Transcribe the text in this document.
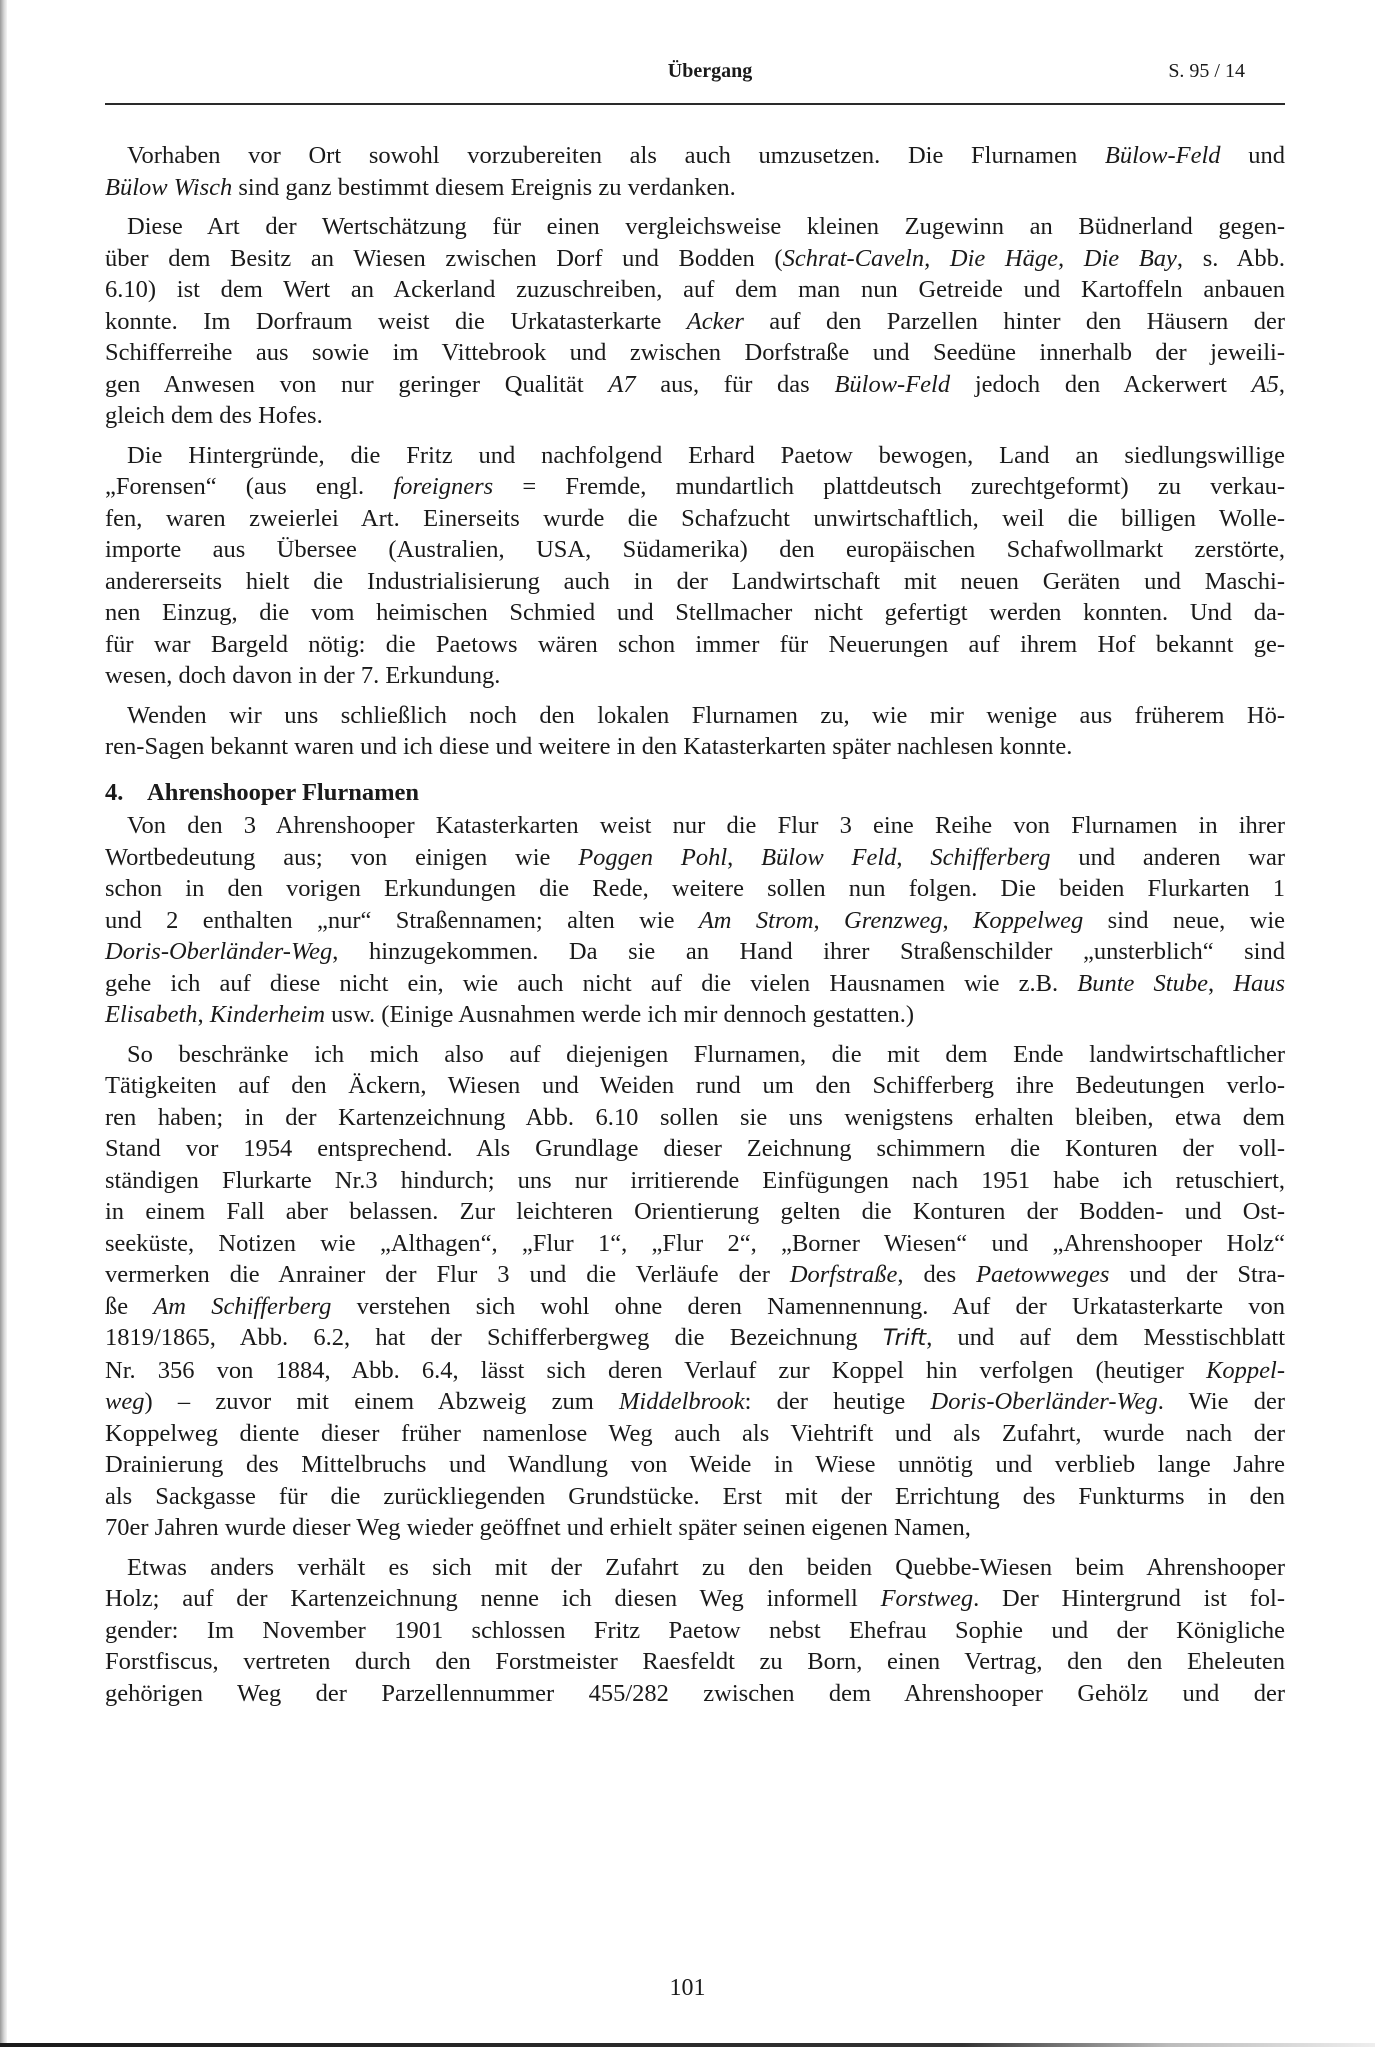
Übergang	S. 95 / 14
Vorhaben vor Ort sowohl vorzubereiten als auch umzusetzen. Die Flurnamen Bülow-Feld und
Bülow Wisch sind ganz bestimmt diesem Ereignis zu verdanken.
Diese Art der Wertschätzung für einen vergleichsweise kleinen Zugewinn an Büdnerland gegen-
über dem Besitz an Wiesen zwischen Dorf und Bodden (Schrat-Caveln, Die Häge, Die Bay, s. Abb.
6.10) ist dem Wert an Ackerland zuzuschreiben, auf dem man nun Getreide und Kartoffeln anbauen
konnte. Im Dorfraum weist die Urkatasterkarte Acker auf den Parzellen hinter den Häusern der
Schifferreihe aus sowie im Vittebrook und zwischen Dorfstraße und Seedüne innerhalb der jeweili-
gen Anwesen von nur geringer Qualität A7 aus, für das Bülow-Feld jedoch den Ackerwert A5,
gleich dem des Hofes.
Die Hintergründe, die Fritz und nachfolgend Erhard Paetow bewogen, Land an siedlungswillige
„Forensen“ (aus engl. foreigners = Fremde, mundartlich plattdeutsch zurechtgeformt) zu verkau-
fen, waren zweierlei Art. Einerseits wurde die Schafzucht unwirtschaftlich, weil die billigen Wolle-
importe aus Übersee (Australien, USA, Südamerika) den europäischen Schafwollmarkt zerstörte,
andererseits hielt die Industrialisierung auch in der Landwirtschaft mit neuen Geräten und Maschi-
nen Einzug, die vom heimischen Schmied und Stellmacher nicht gefertigt werden konnten. Und da-
für war Bargeld nötig: die Paetows wären schon immer für Neuerungen auf ihrem Hof bekannt ge-
wesen, doch davon in der 7. Erkundung.
Wenden wir uns schließlich noch den lokalen Flurnamen zu, wie mir wenige aus früherem Hö-
ren-Sagen bekannt waren und ich diese und weitere in den Katasterkarten später nachlesen konnte.
4. Ahrenshooper Flurnamen
Von den 3 Ahrenshooper Katasterkarten weist nur die Flur 3 eine Reihe von Flurnamen in ihrer
Wortbedeutung aus; von einigen wie Poggen Pohl, Bülow Feld, Schifferberg und anderen war
schon in den vorigen Erkundungen die Rede, weitere sollen nun folgen. Die beiden Flurkarten 1
und 2 enthalten „nur“ Straßennamen; alten wie Am Strom, Grenzweg, Koppelweg sind neue, wie
Doris-Oberländer-Weg, hinzugekommen. Da sie an Hand ihrer Straßenschilder „unsterblich“ sind
gehe ich auf diese nicht ein, wie auch nicht auf die vielen Hausnamen wie z.B. Bunte Stube, Haus
Elisabeth, Kinderheim usw. (Einige Ausnahmen werde ich mir dennoch gestatten.)
So beschränke ich mich also auf diejenigen Flurnamen, die mit dem Ende landwirtschaftlicher
Tätigkeiten auf den Äckern, Wiesen und Weiden rund um den Schifferberg ihre Bedeutungen verlo-
ren haben; in der Kartenzeichnung Abb. 6.10 sollen sie uns wenigstens erhalten bleiben, etwa dem
Stand vor 1954 entsprechend. Als Grundlage dieser Zeichnung schimmern die Konturen der voll-
ständigen Flurkarte Nr.3 hindurch; uns nur irritierende Einfügungen nach 1951 habe ich retuschiert,
in einem Fall aber belassen. Zur leichteren Orientierung gelten die Konturen der Bodden- und Ost-
seeküste, Notizen wie „Althagen“, „Flur 1“, „Flur 2“, „Borner Wiesen“ und „Ahrenshooper Holz“
vermerken die Anrainer der Flur 3 und die Verläufe der Dorfstraße, des Paetowweges und der Stra-
ße Am Schifferberg verstehen sich wohl ohne deren Namennennung. Auf der Urkatasterkarte von
1819/1865, Abb. 6.2, hat der Schifferbergweg die Bezeichnung Trift, und auf dem Messtischblatt
Nr. 356 von 1884, Abb. 6.4, lässt sich deren Verlauf zur Koppel hin verfolgen (heutiger Koppel-
weg) – zuvor mit einem Abzweig zum Middelbrook: der heutige Doris-Oberländer-Weg. Wie der
Koppelweg diente dieser früher namenlose Weg auch als Viehtrift und als Zufahrt, wurde nach der
Drainierung des Mittelbruchs und Wandlung von Weide in Wiese unnötig und verblieb lange Jahre
als Sackgasse für die zurückliegenden Grundstücke. Erst mit der Errichtung des Funkturms in den
70er Jahren wurde dieser Weg wieder geöffnet und erhielt später seinen eigenen Namen,
Etwas anders verhält es sich mit der Zufahrt zu den beiden Quebbe-Wiesen beim Ahrenshooper
Holz; auf der Kartenzeichnung nenne ich diesen Weg informell Forstweg. Der Hintergrund ist fol-
gender: Im November 1901 schlossen Fritz Paetow nebst Ehefrau Sophie und der Königliche
Forstfiscus, vertreten durch den Forstmeister Raesfeldt zu Born, einen Vertrag, den den Eheleuten
gehörigen Weg der Parzellennummer 455/282 zwischen dem Ahrenshooper Gehölz und der
101
